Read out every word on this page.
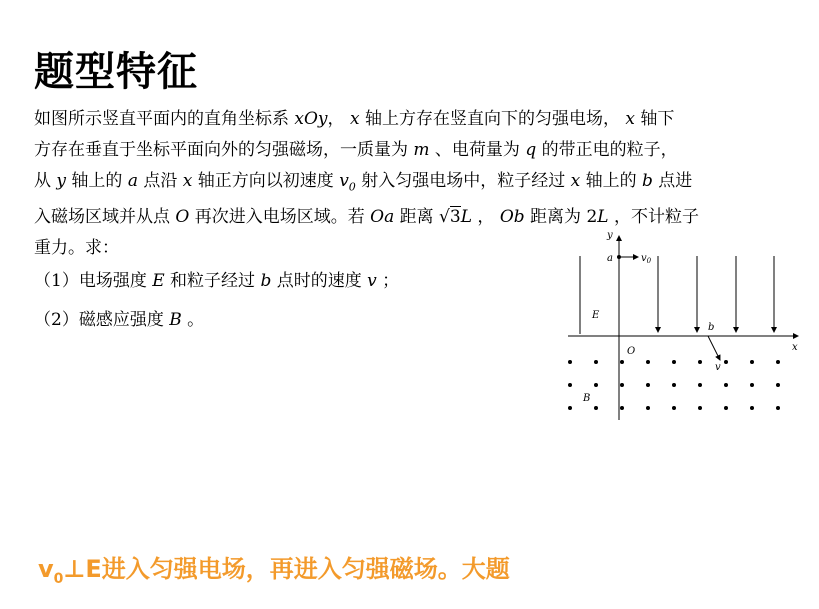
题型特征
如图所示竖直平面内的直角坐标系 xOy， x 轴上方存在竖直向下的匀强电场， x 轴下
方存在垂直于坐标平面向外的匀强磁场，一质量为 m 、电荷量为 q 的带正电的粒子，
从 y 轴上的 a 点沿 x 轴正方向以初速度 $v_0$ 射入匀强电场中，粒子经过 x 轴上的 b 点进
入磁场区域并从点 O 再次进入电场区域。若 Oa 距离 √3L ， Ob 距离为 2L ，不计粒子
重力。求：
（1）电场强度 E 和粒子经过 b 点时的速度 v ；
（2）磁感应强度 B 。
y
x
O
a	$v_0$
E
b
v
B
$v_0\perp E$进入匀强电场，再进入匀强磁场。大题
